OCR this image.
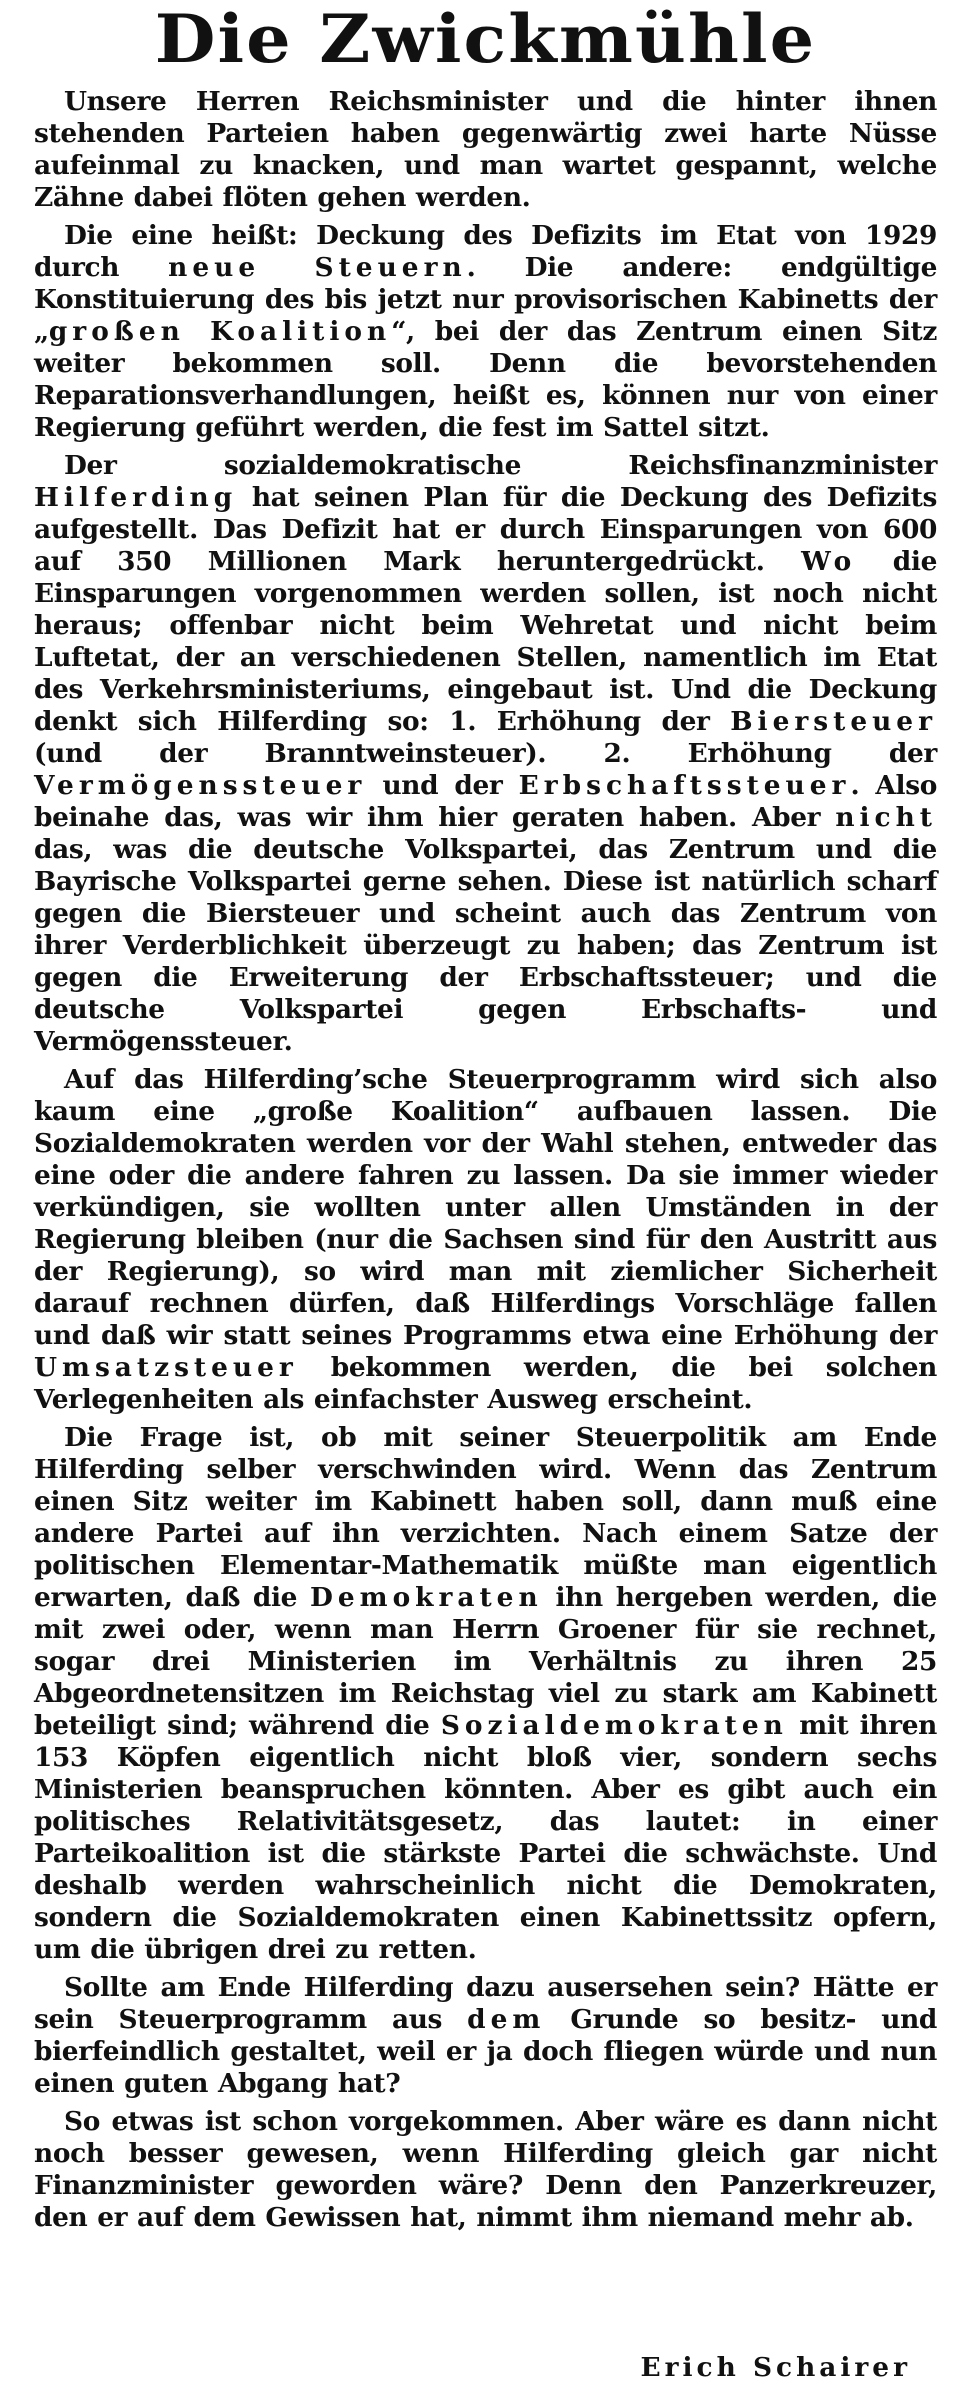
Die Zwickmühle

Unsere Herren Reichsminister und die hinter ihnen stehenden Parteien haben gegenwärtig zwei harte Nüsse aufeinmal zu knacken, und man wartet gespannt, welche Zähne dabei flöten gehen werden.

Die eine heißt: Deckung des Defizits im Etat von 1929 durch neue Steuern. Die andere: endgültige Konstituierung des bis jetzt nur provisorischen Kabinetts der „großen Koalition“, bei der das Zentrum einen Sitz weiter bekommen soll. Denn die bevorstehenden Reparationsverhandlungen, heißt es, können nur von einer Regierung geführt werden, die fest im Sattel sitzt.

Der sozialdemokratische Reichsfinanzminister Hilferding hat seinen Plan für die Deckung des Defizits aufgestellt. Das Defizit hat er durch Einsparungen von 600 auf 350 Millionen Mark heruntergedrückt. Wo die Einsparungen vorgenommen werden sollen, ist noch nicht heraus; offenbar nicht beim Wehretat und nicht beim Luftetat, der an verschiedenen Stellen, namentlich im Etat des Verkehrsministeriums, eingebaut ist. Und die Deckung denkt sich Hilferding so: 1. Erhöhung der Biersteuer (und der Branntweinsteuer). 2. Erhöhung der Vermögenssteuer und der Erbschaftssteuer. Also beinahe das, was wir ihm hier geraten haben. Aber nicht das, was die deutsche Volkspartei, das Zentrum und die Bayrische Volkspartei gerne sehen. Diese ist natürlich scharf gegen die Biersteuer und scheint auch das Zentrum von ihrer Verderblichkeit überzeugt zu haben; das Zentrum ist gegen die Erweiterung der Erbschaftssteuer; und die deutsche Volkspartei gegen Erbschafts- und Vermögenssteuer.

Auf das Hilferding’sche Steuerprogramm wird sich also kaum eine „große Koalition“ aufbauen lassen. Die Sozialdemokraten werden vor der Wahl stehen, entweder das eine oder die andere fahren zu lassen. Da sie immer wieder verkündigen, sie wollten unter allen Umständen in der Regierung bleiben (nur die Sachsen sind für den Austritt aus der Regierung), so wird man mit ziemlicher Sicherheit darauf rechnen dürfen, daß Hilferdings Vorschläge fallen und daß wir statt seines Programms etwa eine Erhöhung der Umsatzsteuer bekommen werden, die bei solchen Verlegenheiten als einfachster Ausweg erscheint.

Die Frage ist, ob mit seiner Steuerpolitik am Ende Hilferding selber verschwinden wird. Wenn das Zentrum einen Sitz weiter im Kabinett haben soll, dann muß eine andere Partei auf ihn verzichten. Nach einem Satze der politischen Elementar-Mathematik müßte man eigentlich erwarten, daß die Demokraten ihn hergeben werden, die mit zwei oder, wenn man Herrn Groener für sie rechnet, sogar drei Ministerien im Verhältnis zu ihren 25 Abgeordnetensitzen im Reichstag viel zu stark am Kabinett beteiligt sind; während die Sozialdemokraten mit ihren 153 Köpfen eigentlich nicht bloß vier, sondern sechs Ministerien beanspruchen könnten. Aber es gibt auch ein politisches Relativitätsgesetz, das lautet: in einer Parteikoalition ist die stärkste Partei die schwächste. Und deshalb werden wahrscheinlich nicht die Demokraten, sondern die Sozialdemokraten einen Kabinettssitz opfern, um die übrigen drei zu retten.

Sollte am Ende Hilferding dazu ausersehen sein? Hätte er sein Steuerprogramm aus dem Grunde so besitz- und bierfeindlich gestaltet, weil er ja doch fliegen würde und nun einen guten Abgang hat?

So etwas ist schon vorgekommen. Aber wäre es dann nicht noch besser gewesen, wenn Hilferding gleich gar nicht Finanzminister geworden wäre? Denn den Panzerkreuzer, den er auf dem Gewissen hat, nimmt ihm niemand mehr ab.

Erich Schairer
